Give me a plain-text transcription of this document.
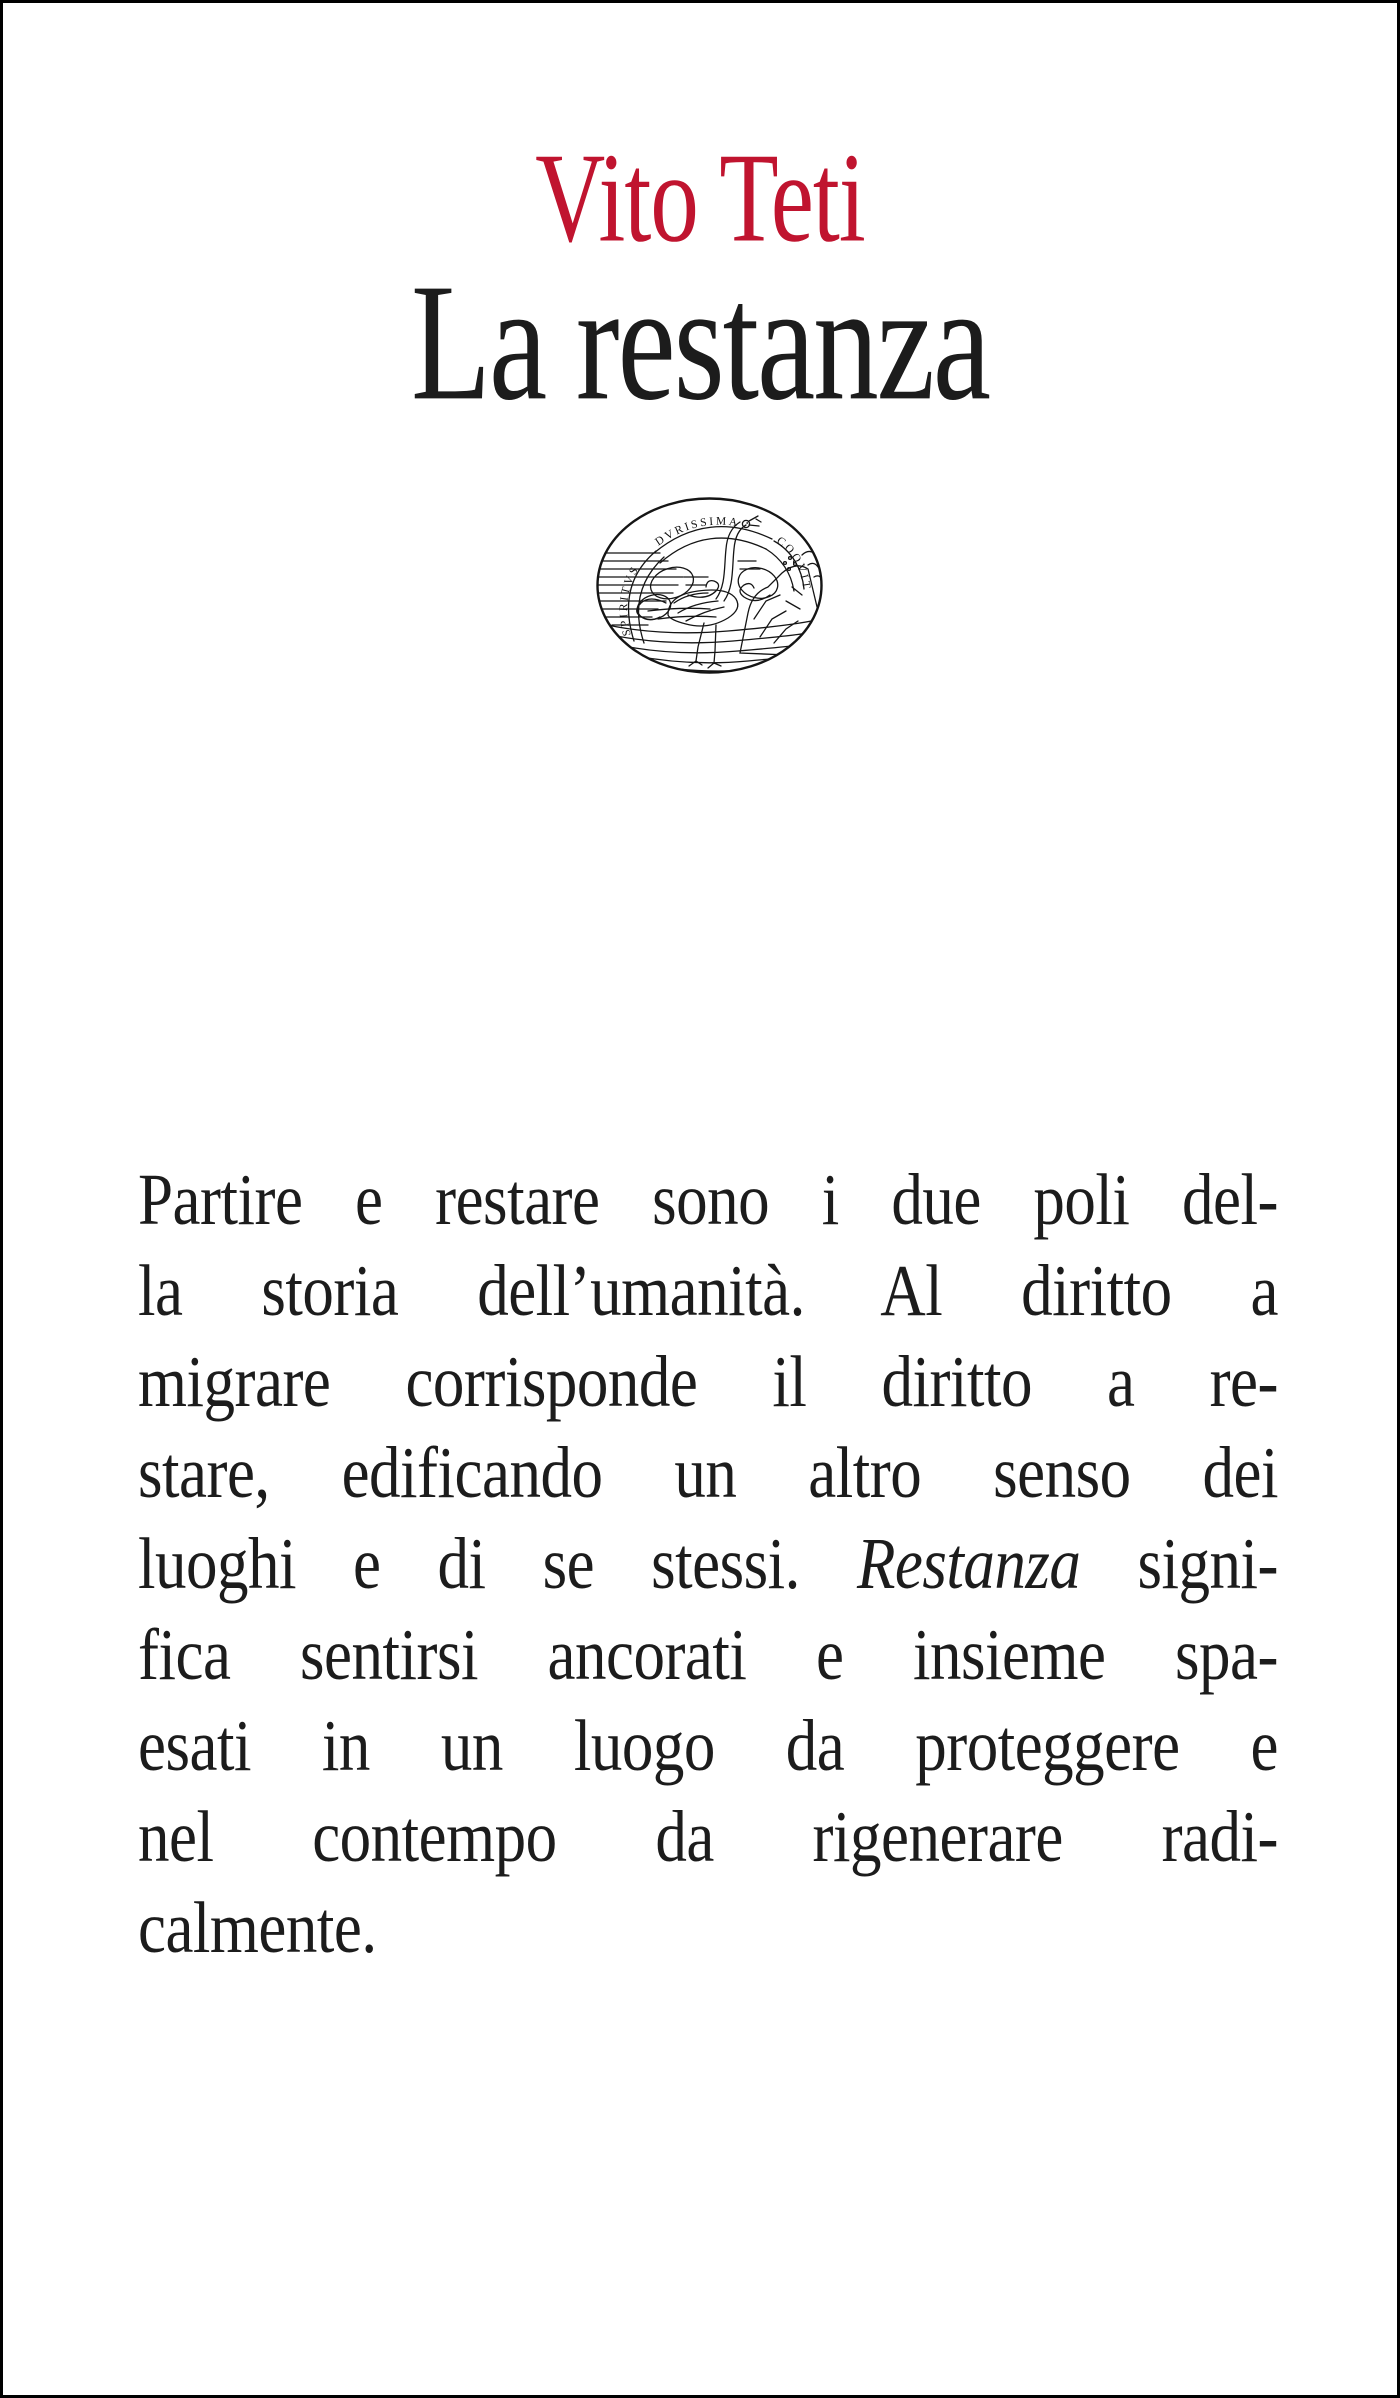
Vito Teti
La restanza
SPIRITVS
DVRISSIMA
COQVIT
Partire e restare sono i due poli del-
la storia dell’umanità. Al diritto a
migrare corrisponde il diritto a re-
stare, edificando un altro senso dei
luoghi e di se stessi. Restanza signi-
fica sentirsi ancorati e insieme spa-
esati in un luogo da proteggere e
nel contempo da rigenerare radi-
calmente.
